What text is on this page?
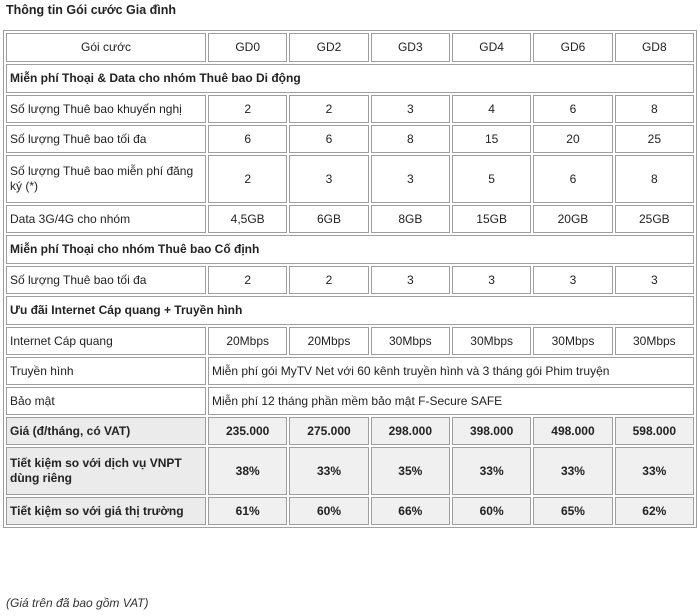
Thông tin Gói cước Gia đình
Gói cước	GD0	GD2	GD3	GD4	GD6	GD8
Miễn phí Thoại & Data cho nhóm Thuê bao Di động						
Số lượng Thuê bao khuyến nghị	2	2	3	4	6	8
Số lượng Thuê bao tối đa	6	6	8	15	20	25
Số lượng Thuê bao miễn phí đăng ký (*)	2	3	3	5	6	8
Data 3G/4G cho nhóm	4,5GB	6GB	8GB	15GB	20GB	25GB
Miễn phí Thoại cho nhóm Thuê bao Cố định						
Số lượng Thuê bao tối đa	2	2	3	3	3	3
Ưu đãi Internet Cáp quang + Truyền hình						
Internet Cáp quang	20Mbps	20Mbps	30Mbps	30Mbps	30Mbps	30Mbps
Truyền hình	Miễn phí gói MyTV Net với 60 kênh truyền hình và 3 tháng gói Phim truyện					
Bảo mật	Miễn phí 12 tháng phần mềm bảo mật F-Secure SAFE					
Giá (đ/tháng, có VAT)	235.000	275.000	298.000	398.000	498.000	598.000
Tiết kiệm so với dịch vụ VNPT dùng riêng	38%	33%	35%	33%	33%	33%
Tiết kiệm so với giá thị trường	61%	60%	66%	60%	65%	62%
(Giá trên đã bao gồm VAT)
